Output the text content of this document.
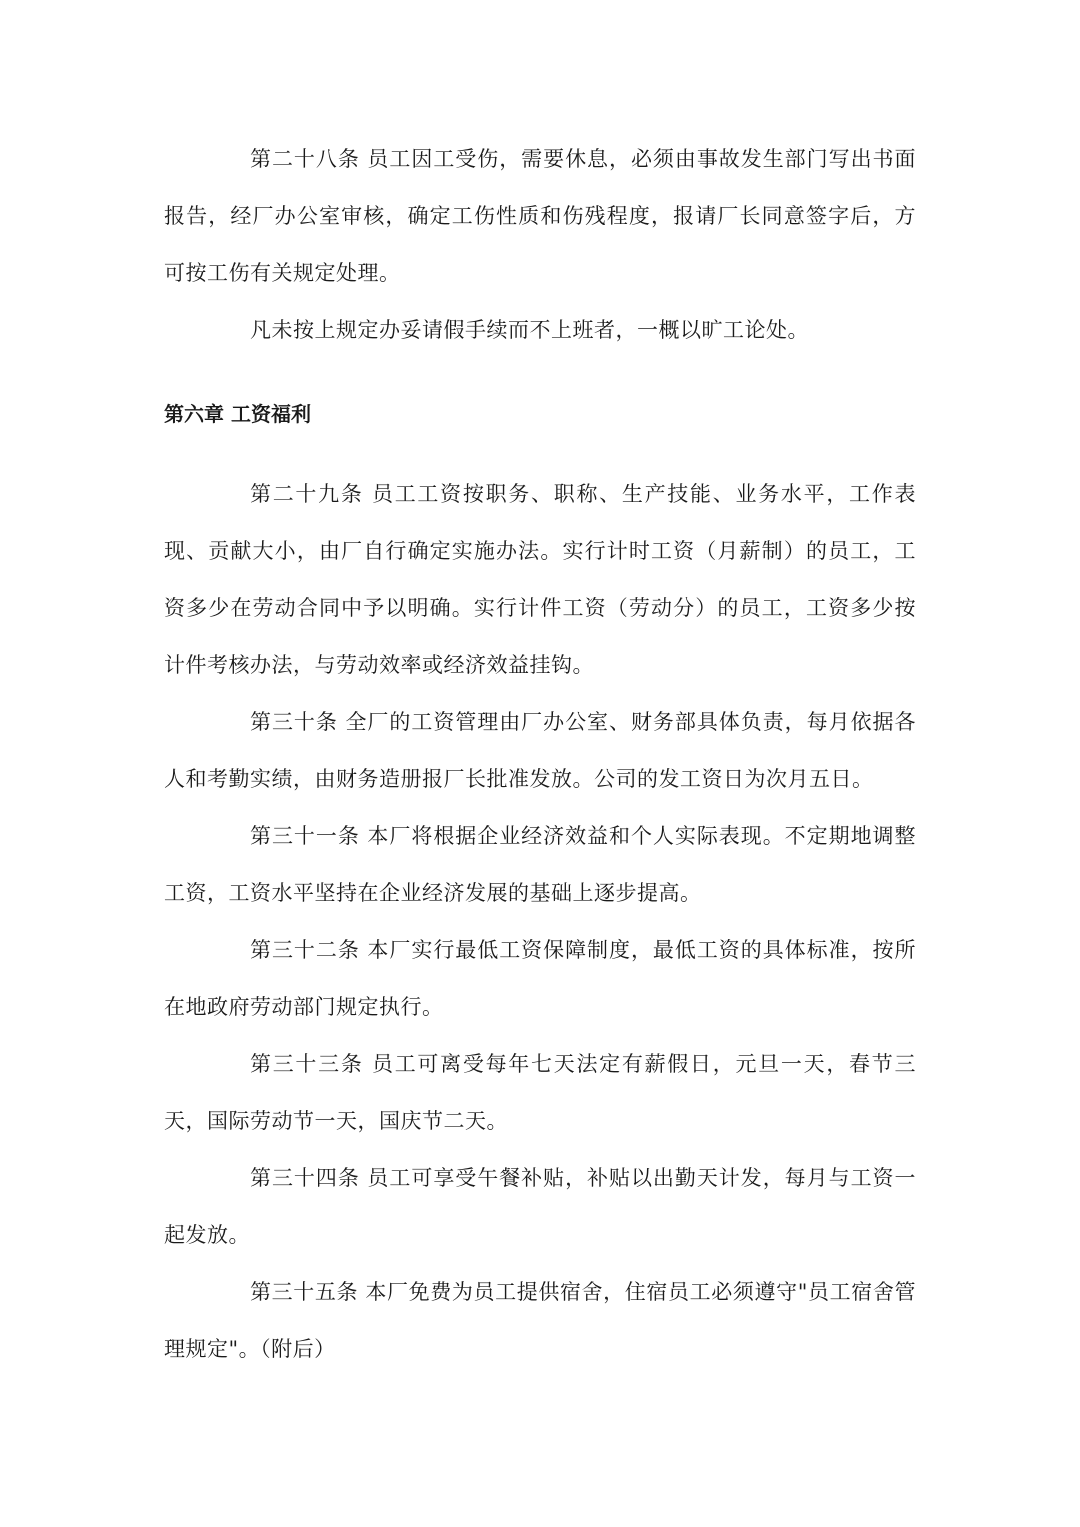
第二十八条 员工因工受伤，需要休息，必须由事故发生部门写出书面报告，经厂办公室审核，确定工伤性质和伤残程度，报请厂长同意签字后，方可按工伤有关规定处理。

凡未按上规定办妥请假手续而不上班者，一概以旷工论处。

第六章 工资福利

第二十九条 员工工资按职务、职称、生产技能、业务水平，工作表现、贡献大小，由厂自行确定实施办法。实行计时工资（月薪制）的员工，工资多少在劳动合同中予以明确。实行计件工资（劳动分）的员工，工资多少按计件考核办法，与劳动效率或经济效益挂钩。

第三十条 全厂的工资管理由厂办公室、财务部具体负责，每月依据各人和考勤实绩，由财务造册报厂长批准发放。公司的发工资日为次月五日。

第三十一条 本厂将根据企业经济效益和个人实际表现。不定期地调整工资，工资水平坚持在企业经济发展的基础上逐步提高。

第三十二条 本厂实行最低工资保障制度，最低工资的具体标准，按所在地政府劳动部门规定执行。

第三十三条 员工可离受每年七天法定有薪假日，元旦一天，春节三天，国际劳动节一天，国庆节二天。

第三十四条 员工可享受午餐补贴，补贴以出勤天计发，每月与工资一起发放。

第三十五条 本厂免费为员工提供宿舍，住宿员工必须遵守"员工宿舍管理规定"。（附后）
